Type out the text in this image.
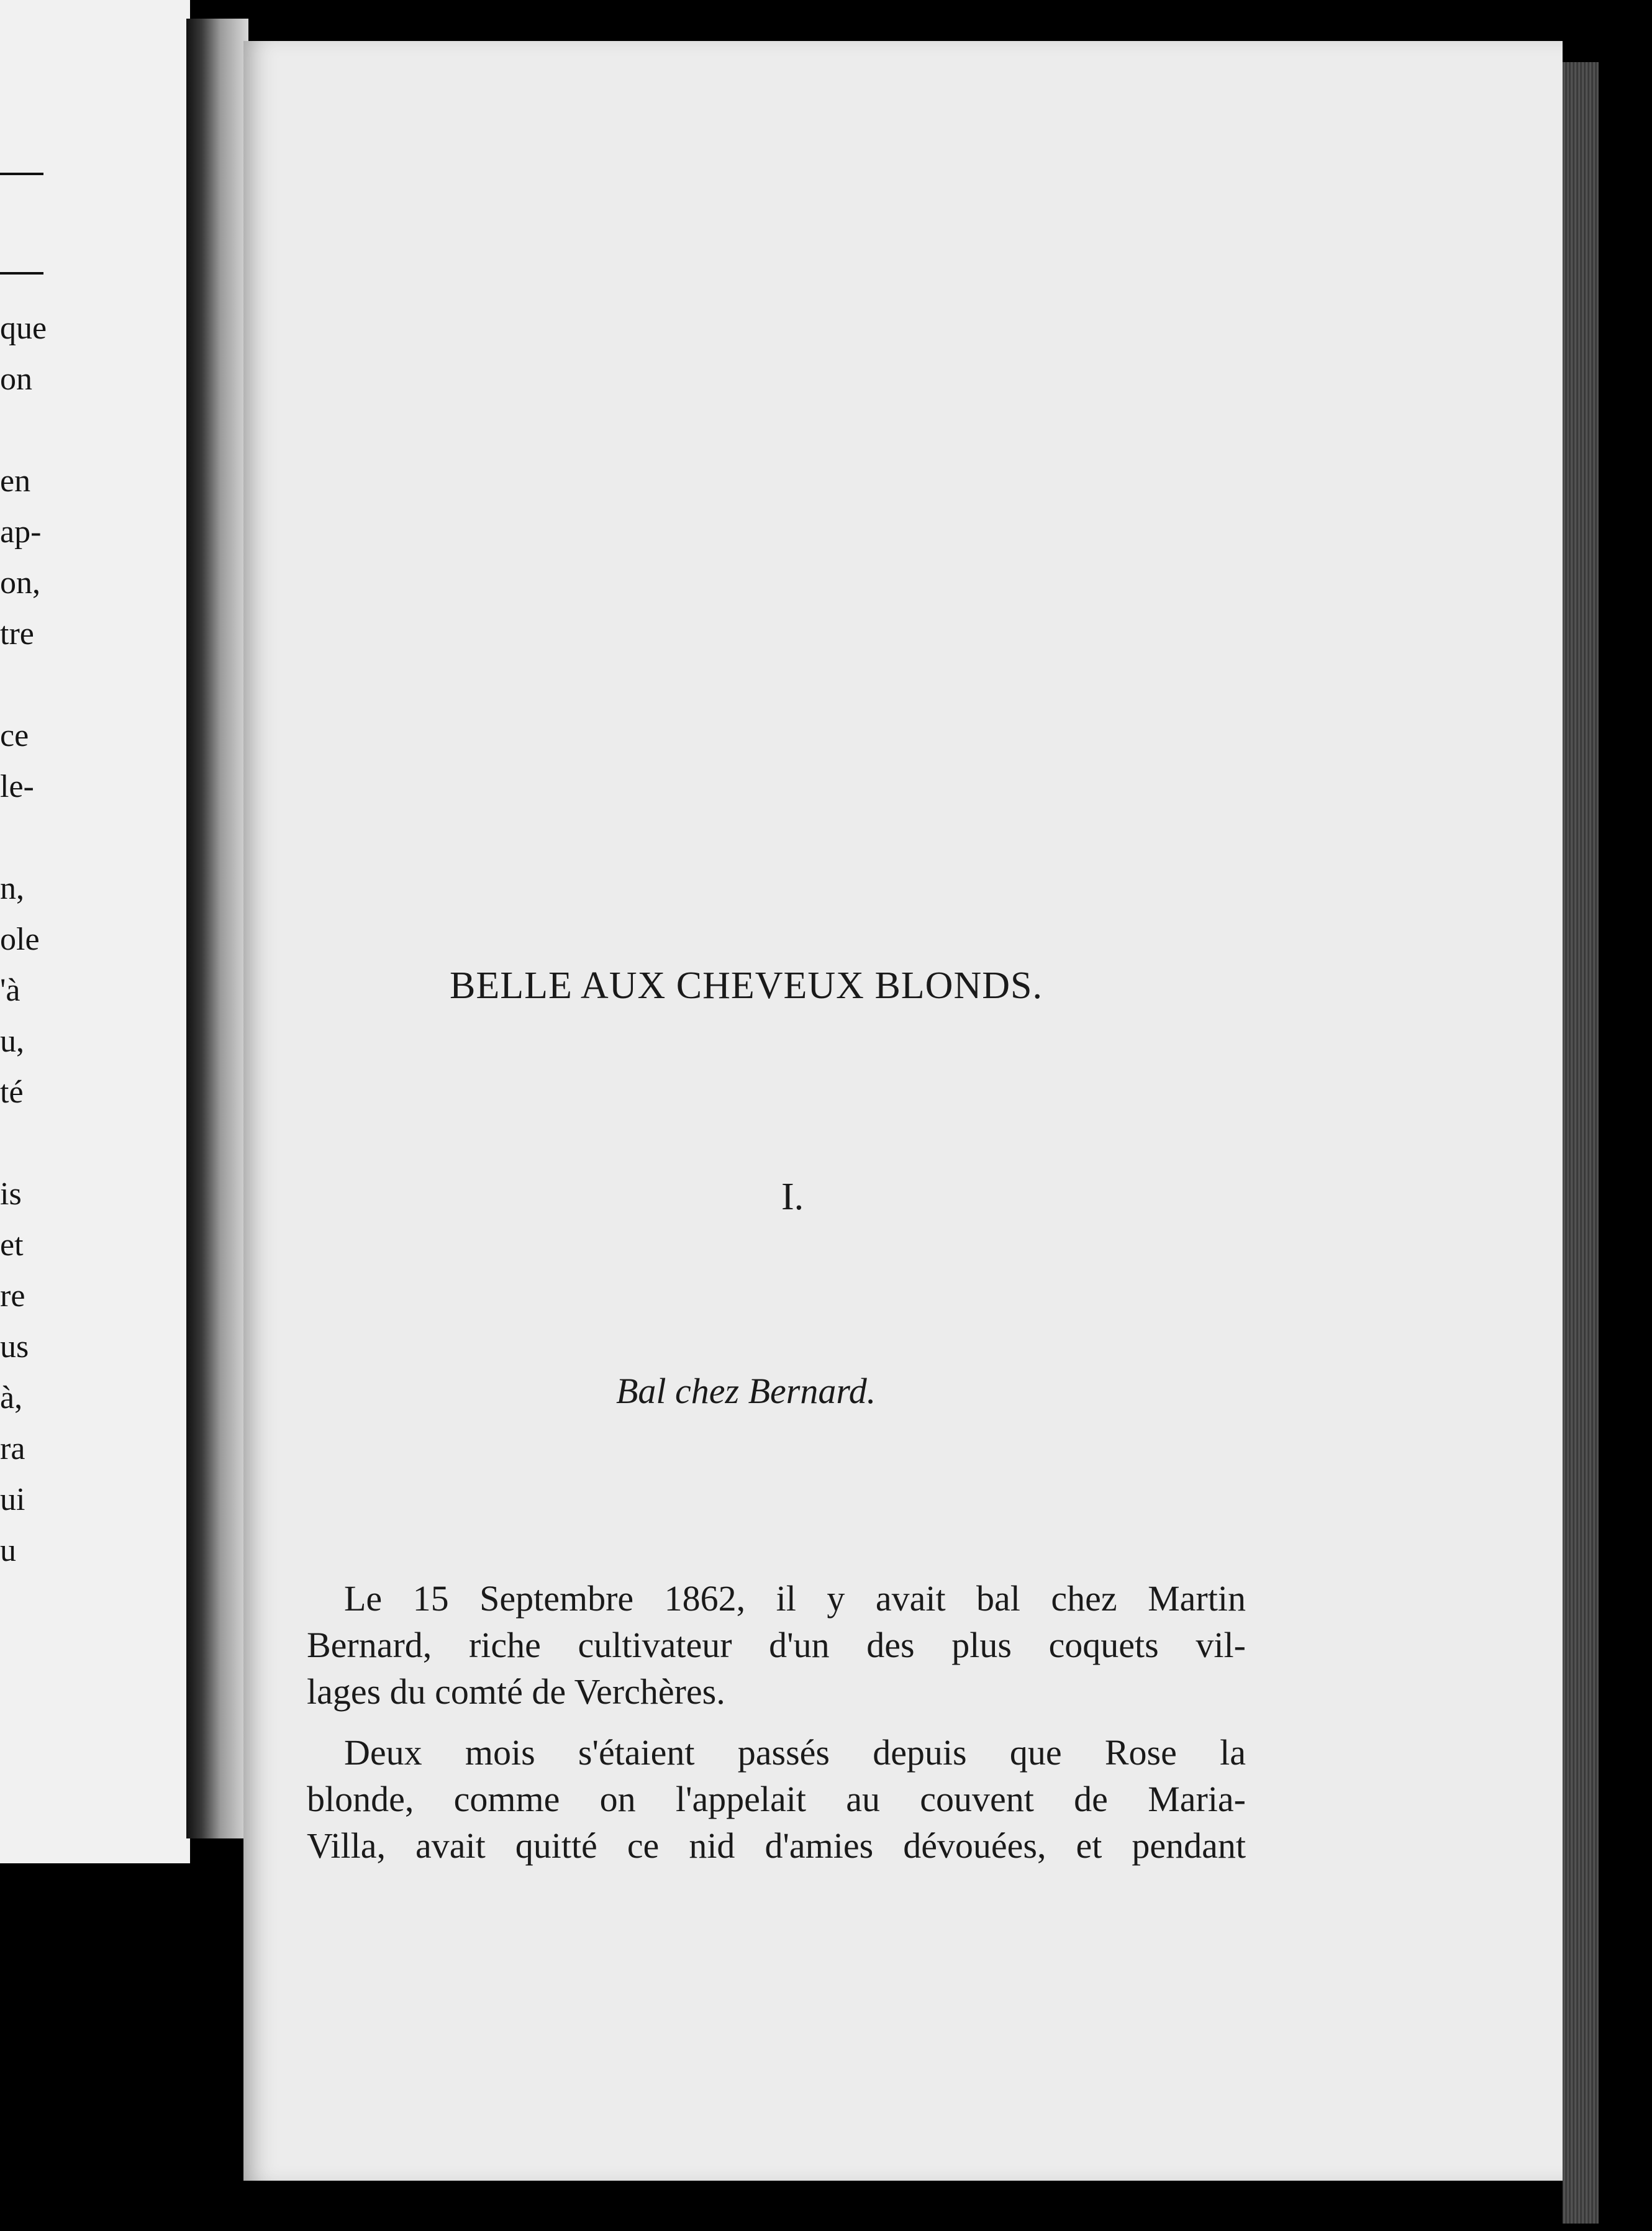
que
on
en
ap-
on,
tre
ce
le-
n,
ole
'à
u,
té
is
et
re
us
à,
ra
ui
u
BELLE AUX CHEVEUX BLONDS.
I.
Bal chez Bernard.
Le 15 Septembre 1862, il y avait bal chez Martin
Bernard, riche cultivateur d'un des plus coquets vil-
lages du comté de Verchères.
Deux mois s'étaient passés depuis que Rose la
blonde, comme on l'appelait au couvent de Maria-
Villa, avait quitté ce nid d'amies dévouées, et pendant
